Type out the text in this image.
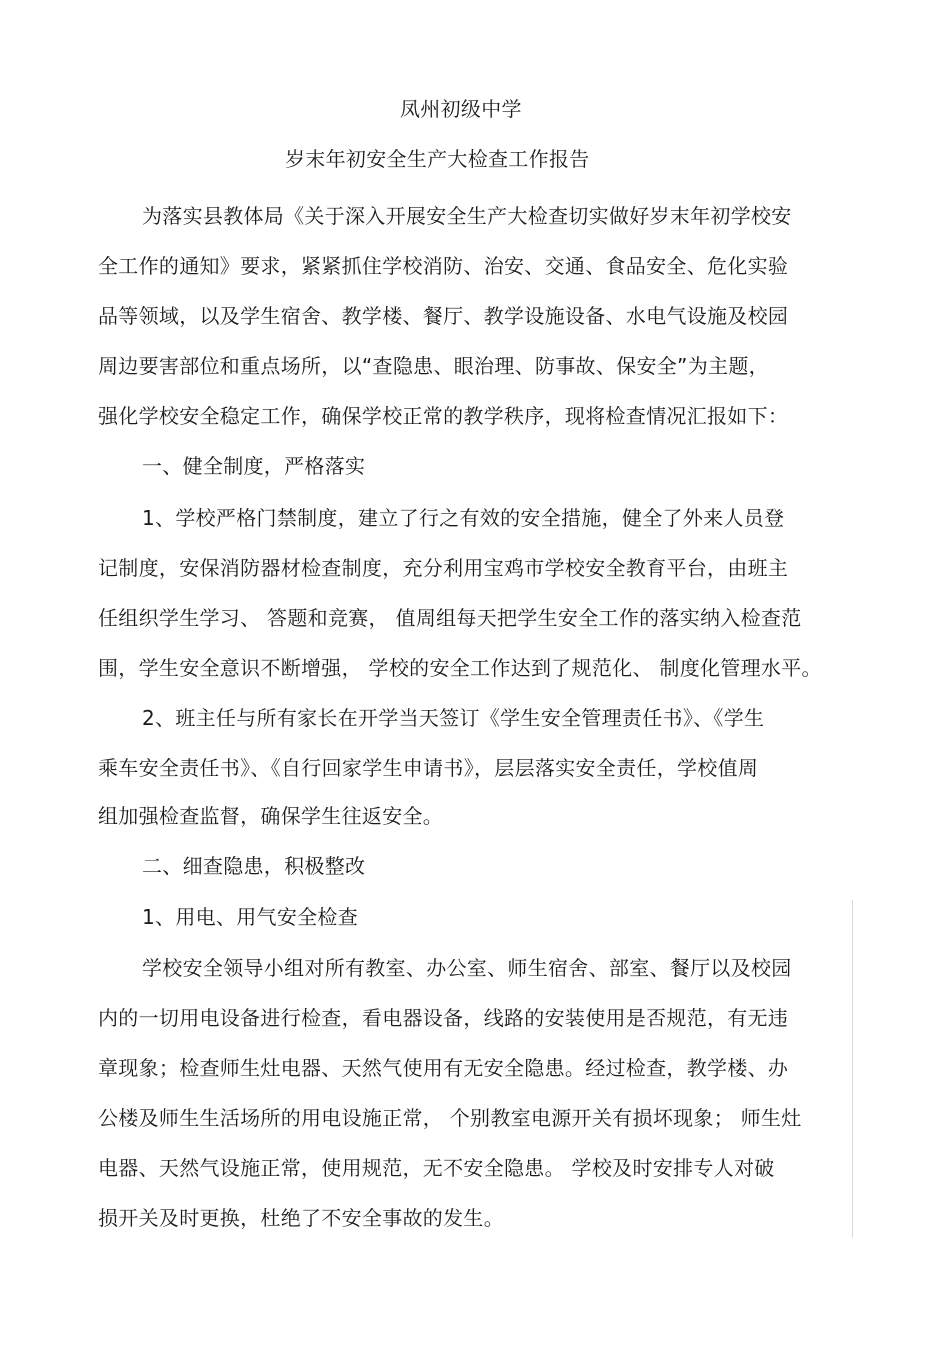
凤州初级中学
岁末年初安全生产大检查工作报告
为落实县教体局《关于深入开展安全生产大检查切实做好岁末年初学校安
全工作的通知》要求，紧紧抓住学校消防、治安、交通、食品安全、危化实验
品等领域，以及学生宿舍、教学楼、餐厅、教学设施设备、水电气设施及校园
周边要害部位和重点场所，以“查隐患、眼治理、防事故、保安全”为主题，
强化学校安全稳定工作，确保学校正常的教学秩序，现将检查情况汇报如下：
一、健全制度，严格落实
1、学校严格门禁制度，建立了行之有效的安全措施，健全了外来人员登
记制度，安保消防器材检查制度，充分利用宝鸡市学校安全教育平台，由班主
任组织学生学习、 答题和竞赛， 值周组每天把学生安全工作的落实纳入检查范
围，学生安全意识不断增强， 学校的安全工作达到了规范化、 制度化管理水平。
2、班主任与所有家长在开学当天签订《学生安全管理责任书》、《学生
乘车安全责任书》、《自行回家学生申请书》，层层落实安全责任，学校值周
组加强检查监督，确保学生往返安全。
二、细查隐患，积极整改
1、用电、用气安全检查
学校安全领导小组对所有教室、办公室、师生宿舍、部室、餐厅以及校园
内的一切用电设备进行检查，看电器设备，线路的安装使用是否规范，有无违
章现象；检查师生灶电器、天然气使用有无安全隐患。经过检查，教学楼、办
公楼及师生生活场所的用电设施正常， 个别教室电源开关有损坏现象； 师生灶
电器、天然气设施正常，使用规范，无不安全隐患。 学校及时安排专人对破
损开关及时更换，杜绝了不安全事故的发生。
